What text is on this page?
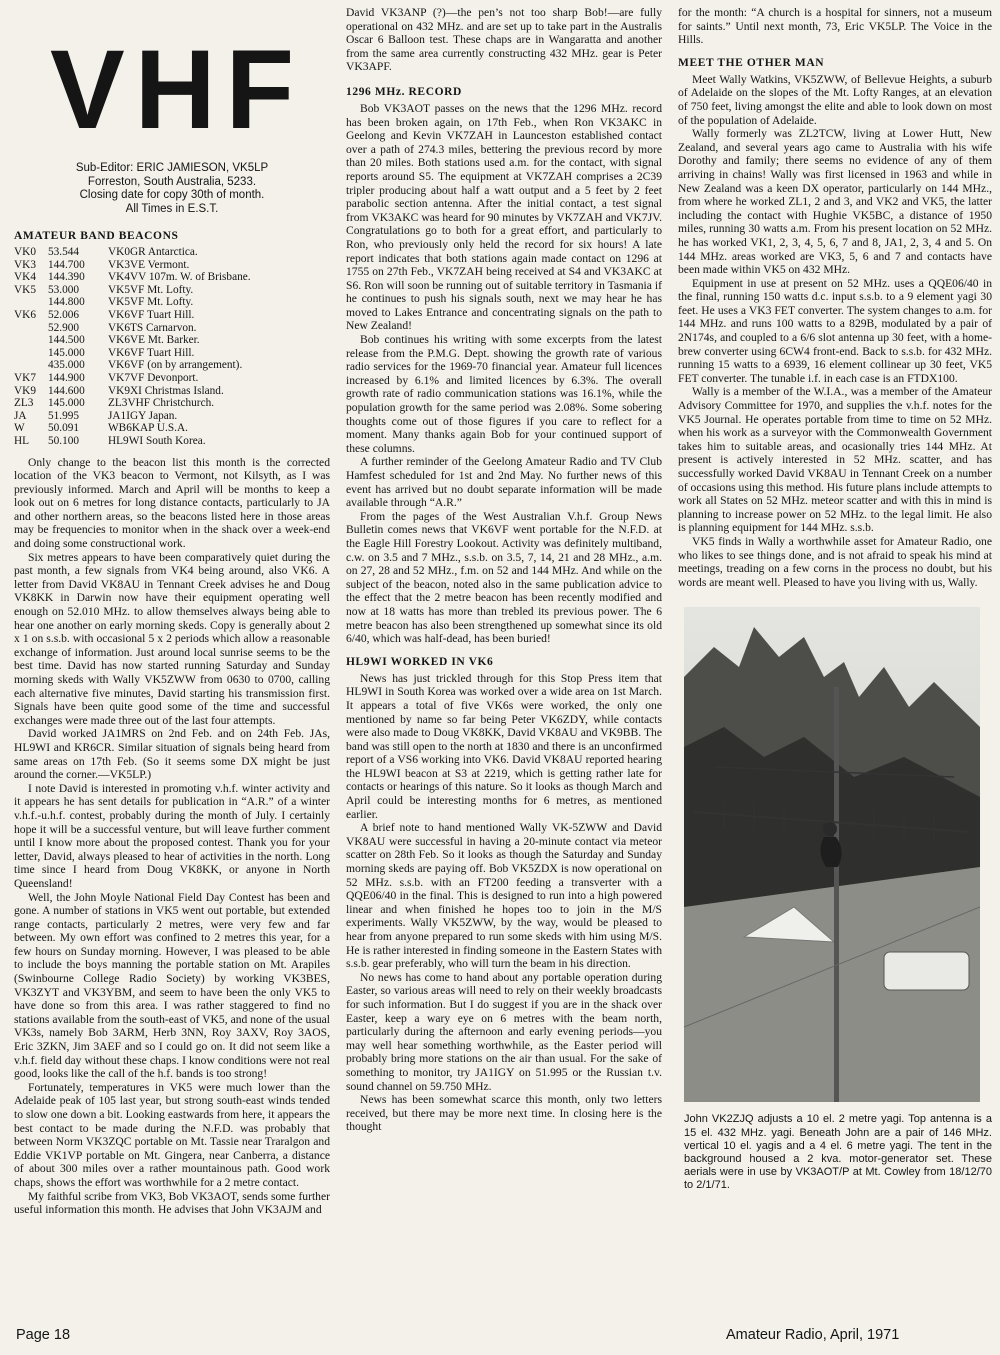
VHF
Sub-Editor: ERIC JAMIESON, VK5LP
Forreston, South Australia, 5233.
Closing date for copy 30th of month.
All Times in E.S.T.
AMATEUR BAND BEACONS
VK0	53.544	VK0GR Antarctica.
VK3	144.700	VK3VE Vermont.
VK4	144.390	VK4VV 107m. W. of Brisbane.
VK5	53.000	VK5VF Mt. Lofty.
	144.800	VK5VF Mt. Lofty.
VK6	52.006	VK6VF Tuart Hill.
	52.900	VK6TS Carnarvon.
	144.500	VK6VE Mt. Barker.
	145.000	VK6VF Tuart Hill.
	435.000	VK6VF (on by arrangement).
VK7	144.900	VK7VF Devonport.
VK9	144.600	VK9XI Christmas Island.
ZL3	145.000	ZL3VHF Christchurch.
JA	51.995	JA1IGY Japan.
W	50.091	WB6KAP U.S.A.
HL	50.100	HL9WI South Korea.

Only change to the beacon list this month is the corrected location of the VK3 beacon to Vermont, not Kilsyth, as I was previously informed. March and April will be months to keep a look out on 6 metres for long distance contacts, particularly to JA and other northern areas, so the beacons listed here in those areas may be frequencies to monitor when in the shack over a week-end and doing some constructional work.

Six metres appears to have been comparatively quiet during the past month, a few signals from VK4 being around, also VK6. A letter from David VK8AU in Tennant Creek advises he and Doug VK8KK in Darwin now have their equipment operating well enough on 52.010 MHz. to allow themselves always being able to hear one another on early morning skeds. Copy is generally about 2 x 1 on s.s.b. with occasional 5 x 2 periods which allow a reasonable exchange of information. Just around local sunrise seems to be the best time. David has now started running Saturday and Sunday morning skeds with Wally VK5ZWW from 0630 to 0700, calling each alternative five minutes, David starting his transmission first. Signals have been quite good some of the time and successful exchanges were made three out of the last four attempts.

David worked JA1MRS on 2nd Feb. and on 24th Feb. JAs, HL9WI and KR6CR. Similar situation of signals being heard from same areas on 17th Feb. (So it seems some DX might be just around the corner.—VK5LP.)

I note David is interested in promoting v.h.f. winter activity and it appears he has sent details for publication in “A.R.” of a winter v.h.f.-u.h.f. contest, probably during the month of July. I certainly hope it will be a successful venture, but will leave further comment until I know more about the proposed contest. Thank you for your letter, David, always pleased to hear of activities in the north. Long time since I heard from Doug VK8KK, or anyone in North Queensland!

Well, the John Moyle National Field Day Contest has been and gone. A number of stations in VK5 went out portable, but extended range contacts, particularly 2 metres, were very few and far between. My own effort was confined to 2 metres this year, for a few hours on Sunday morning. However, I was pleased to be able to include the boys manning the portable station on Mt. Arapiles (Swinbourne College Radio Society) by working VK3BES, VK3ZYT and VK3YBM, and seem to have been the only VK5 to have done so from this area. I was rather staggered to find no stations available from the south-east of VK5, and none of the usual VK3s, namely Bob 3ARM, Herb 3NN, Roy 3AXV, Roy 3AOS, Eric 3ZKN, Jim 3AEF and so I could go on. It did not seem like a v.h.f. field day without these chaps. I know conditions were not real good, looks like the call of the h.f. bands is too strong!

Fortunately, temperatures in VK5 were much lower than the Adelaide peak of 105 last year, but strong south-east winds tended to slow one down a bit. Looking eastwards from here, it appears the best contact to be made during the N.F.D. was probably that between Norm VK3ZQC portable on Mt. Tassie near Traralgon and Eddie VK1VP portable on Mt. Gingera, near Canberra, a distance of about 300 miles over a rather mountainous path. Good work chaps, shows the effort was worthwhile for a 2 metre contact.

My faithful scribe from VK3, Bob VK3AOT, sends some further useful information this month. He advises that John VK3AJM and

David VK3ANP (?)—the pen’s not too sharp Bob!—are fully operational on 432 MHz. and are set up to take part in the Australis Oscar 6 Balloon test. These chaps are in Wangaratta and another from the same area currently constructing 432 MHz. gear is Peter VK3APF.

1296 MHz. RECORD

Bob VK3AOT passes on the news that the 1296 MHz. record has been broken again, on 17th Feb., when Ron VK3AKC in Geelong and Kevin VK7ZAH in Launceston established contact over a path of 274.3 miles, bettering the previous record by more than 20 miles. Both stations used a.m. for the contact, with signal reports around S5. The equipment at VK7ZAH comprises a 2C39 tripler producing about half a watt output and a 5 feet by 2 feet parabolic section antenna. After the initial contact, a test signal from VK3AKC was heard for 90 minutes by VK7ZAH and VK7JV. Congratulations go to both for a great effort, and particularly to Ron, who previously only held the record for six hours! A late report indicates that both stations again made contact on 1296 at 1755 on 27th Feb., VK7ZAH being received at S4 and VK3AKC at S6. Ron will soon be running out of suitable territory in Tasmania if he continues to push his signals south, next we may hear he has moved to Lakes Entrance and concentrating signals on the path to New Zealand!

Bob continues his writing with some excerpts from the latest release from the P.M.G. Dept. showing the growth rate of various radio services for the 1969-70 financial year. Amateur full licences increased by 6.1% and limited licences by 6.3%. The overall growth rate of radio communication stations was 16.1%, while the population growth for the same period was 2.08%. Some sobering thoughts come out of those figures if you care to reflect for a moment. Many thanks again Bob for your continued support of these columns.

A further reminder of the Geelong Amateur Radio and TV Club Hamfest scheduled for 1st and 2nd May. No further news of this event has arrived but no doubt separate information will be made available through “A.R.”

From the pages of the West Australian V.h.f. Group News Bulletin comes news that VK6VF went portable for the N.F.D. at the Eagle Hill Forestry Lookout. Activity was definitely multiband, c.w. on 3.5 and 7 MHz., s.s.b. on 3.5, 7, 14, 21 and 28 MHz., a.m. on 27, 28 and 52 MHz., f.m. on 52 and 144 MHz. And while on the subject of the beacon, noted also in the same publication advice to the effect that the 2 metre beacon has been recently modified and now at 18 watts has more than trebled its previous power. The 6 metre beacon has also been strengthened up somewhat since its old 6/40, which was half-dead, has been buried!

HL9WI WORKED IN VK6

News has just trickled through for this Stop Press item that HL9WI in South Korea was worked over a wide area on 1st March. It appears a total of five VK6s were worked, the only one mentioned by name so far being Peter VK6ZDY, while contacts were also made to Doug VK8KK, David VK8AU and VK9BB. The band was still open to the north at 1830 and there is an unconfirmed report of a VS6 working into VK6. David VK8AU reported hearing the HL9WI beacon at S3 at 2219, which is getting rather late for contacts or hearings of this nature. So it looks as though March and April could be interesting months for 6 metres, as mentioned earlier.

A brief note to hand mentioned Wally VK-5ZWW and David VK8AU were successful in having a 20-minute contact via meteor scatter on 28th Feb. So it looks as though the Saturday and Sunday morning skeds are paying off. Bob VK5ZDX is now operational on 52 MHz. s.s.b. with an FT200 feeding a transverter with a QQE06/40 in the final. This is designed to run into a high powered linear and when finished he hopes too to join in the M/S experiments. Wally VK5ZWW, by the way, would be pleased to hear from anyone prepared to run some skeds with him using M/S. He is rather interested in finding someone in the Eastern States with s.s.b. gear preferably, who will turn the beam in his direction.

No news has come to hand about any portable operation during Easter, so various areas will need to rely on their weekly broadcasts for such information. But I do suggest if you are in the shack over Easter, keep a wary eye on 6 metres with the beam north, particularly during the afternoon and early evening periods—you may well hear something worthwhile, as the Easter period will probably bring more stations on the air than usual. For the sake of something to monitor, try JA1IGY on 51.995 or the Russian t.v. sound channel on 59.750 MHz.

News has been somewhat scarce this month, only two letters received, but there may be more next time. In closing here is the thought

for the month: “A church is a hospital for sinners, not a museum for saints.” Until next month, 73, Eric VK5LP. The Voice in the Hills.

MEET THE OTHER MAN

Meet Wally Watkins, VK5ZWW, of Bellevue Heights, a suburb of Adelaide on the slopes of the Mt. Lofty Ranges, at an elevation of 750 feet, living amongst the elite and able to look down on most of the population of Adelaide.

Wally formerly was ZL2TCW, living at Lower Hutt, New Zealand, and several years ago came to Australia with his wife Dorothy and family; there seems no evidence of any of them arriving in chains! Wally was first licensed in 1963 and while in New Zealand was a keen DX operator, particularly on 144 MHz., from where he worked ZL1, 2 and 3, and VK2 and VK5, the latter including the contact with Hughie VK5BC, a distance of 1950 miles, running 30 watts a.m. From his present location on 52 MHz. he has worked VK1, 2, 3, 4, 5, 6, 7 and 8, JA1, 2, 3, 4 and 5. On 144 MHz. areas worked are VK3, 5, 6 and 7 and contacts have been made within VK5 on 432 MHz.

Equipment in use at present on 52 MHz. uses a QQE06/40 in the final, running 150 watts d.c. input s.s.b. to a 9 element yagi 30 feet. He uses a VK3 FET converter. The system changes to a.m. for 144 MHz. and runs 100 watts to a 829B, modulated by a pair of 2N174s, and coupled to a 6/6 slot antenna up 30 feet, with a home-brew converter using 6CW4 front-end. Back to s.s.b. for 432 MHz. running 15 watts to a 6939, 16 element collinear up 30 feet, VK5 FET converter. The tunable i.f. in each case is an FTDX100.

Wally is a member of the W.I.A., was a member of the Amateur Advisory Committee for 1970, and supplies the v.h.f. notes for the VK5 Journal. He operates portable from time to time on 52 MHz. when his work as a surveyor with the Commonwealth Government takes him to suitable areas, and ocasionally tries 144 MHz. At present is actively interested in 52 MHz. scatter, and has successfully worked David VK8AU in Tennant Creek on a number of occasions using this method. His future plans include attempts to work all States on 52 MHz. meteor scatter and with this in mind is planning to increase power on 52 MHz. to the legal limit. He also is planning equipment for 144 MHz. s.s.b.

VK5 finds in Wally a worthwhile asset for Amateur Radio, one who likes to see things done, and is not afraid to speak his mind at meetings, treading on a few corns in the process no doubt, but his words are meant well. Pleased to have you living with us, Wally.

John VK2ZJQ adjusts a 10 el. 2 metre yagi. Top antenna is a 15 el. 432 MHz. yagi. Beneath John are a pair of 146 MHz. vertical 10 el. yagis and a 4 el. 6 metre yagi. The tent in the background housed a 2 kva. motor-generator set. These aerials were in use by VK3AOT/P at Mt. Cowley from 18/12/70 to 2/1/71.
Page 18	Amateur Radio, April, 1971
